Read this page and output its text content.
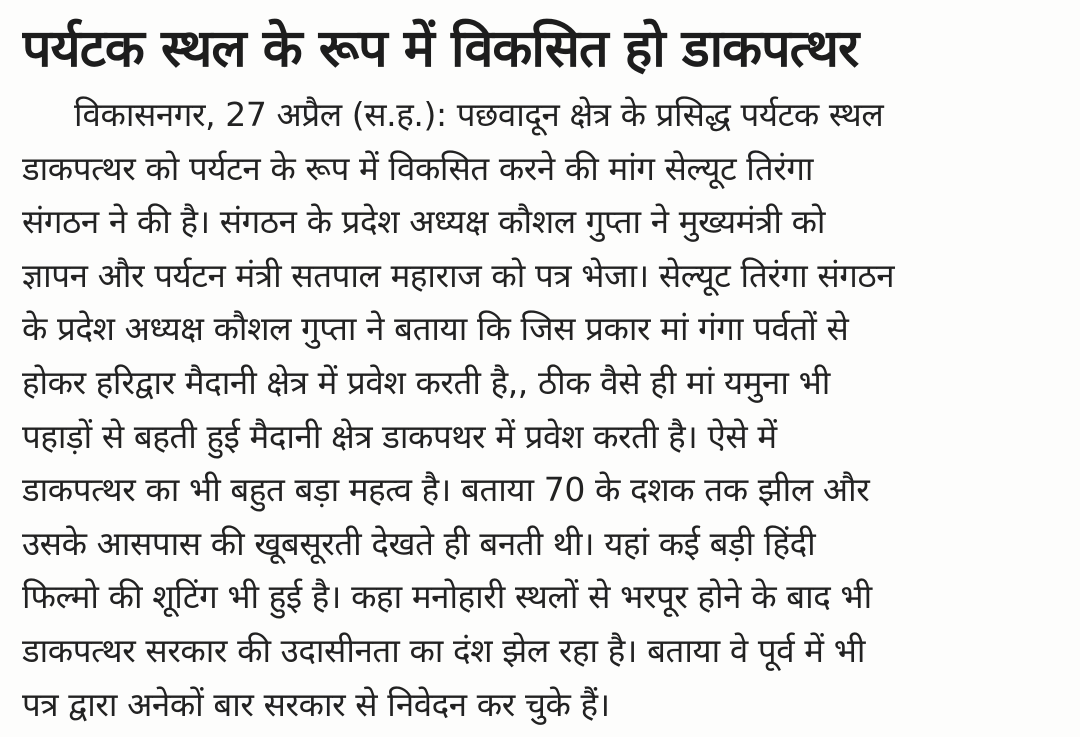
पर्यटक स्थल के रूप में विकसित हो डाकपत्थर
विकासनगर, 27 अप्रैल (स.ह.): पछवादून क्षेत्र के प्रसिद्ध पर्यटक स्थल
डाकपत्थर को पर्यटन के रूप में विकसित करने की मांग सेल्यूट तिरंगा
संगठन ने की है। संगठन के प्रदेश अध्यक्ष कौशल गुप्ता ने मुख्यमंत्री को
ज्ञापन और पर्यटन मंत्री सतपाल महाराज को पत्र भेजा। सेल्यूट तिरंगा संगठन
के प्रदेश अध्यक्ष कौशल गुप्ता ने बताया कि जिस प्रकार मां गंगा पर्वतों से
होकर हरिद्वार मैदानी क्षेत्र में प्रवेश करती है,, ठीक वैसे ही मां यमुना भी
पहाड़ों से बहती हुई मैदानी क्षेत्र डाकपथर में प्रवेश करती है। ऐसे में
डाकपत्थर का भी बहुत बड़ा महत्व है। बताया 70 के दशक तक झील और
उसके आसपास की खूबसूरती देखते ही बनती थी। यहां कई बड़ी हिंदी
फिल्मो की शूटिंग भी हुई है। कहा मनोहारी स्थलों से भरपूर होने के बाद भी
डाकपत्थर सरकार की उदासीनता का दंश झेल रहा है। बताया वे पूर्व में भी
पत्र द्वारा अनेकों बार सरकार से निवेदन कर चुके हैं।
